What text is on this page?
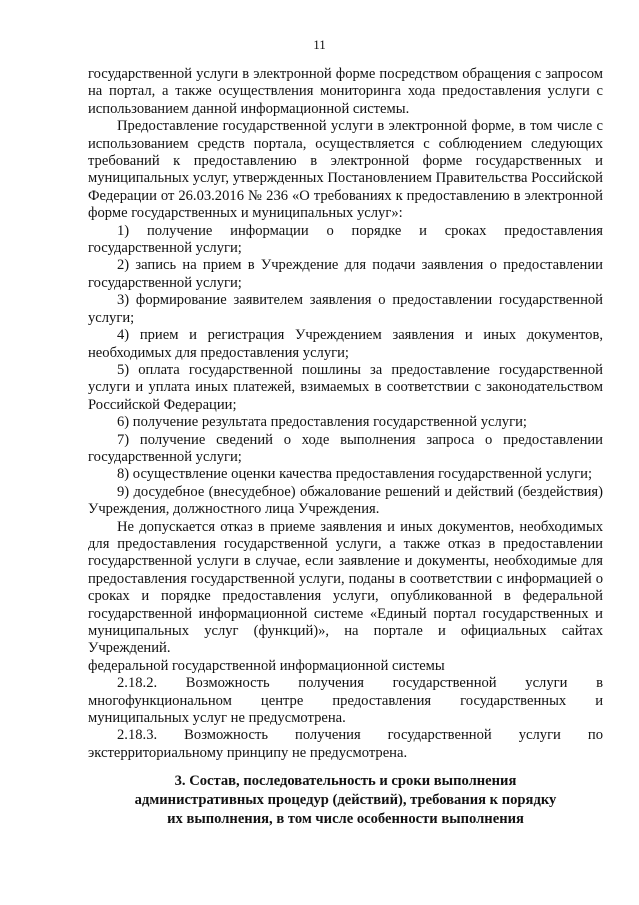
11

государственной услуги в электронной форме посредством обращения с запросом на портал, а также осуществления мониторинга хода предоставления услуги с использованием данной информационной системы.

Предоставление государственной услуги в электронной форме, в том числе с использованием средств портала, осуществляется с соблюдением следующих требований к предоставлению в электронной форме государственных и муниципальных услуг, утвержденных Постановлением Правительства Российской Федерации от 26.03.2016 № 236 «О требованиях к предоставлению в электронной форме государственных и муниципальных услуг»:

1) получение информации о порядке и сроках предоставления государственной услуги;

2) запись на прием в Учреждение для подачи заявления о предоставлении государственной услуги;

3) формирование заявителем заявления о предоставлении государственной услуги;

4) прием и регистрация Учреждением заявления и иных документов, необходимых для предоставления услуги;

5) оплата государственной пошлины за предоставление государственной услуги и уплата иных платежей, взимаемых в соответствии с законодательством Российской Федерации;

6) получение результата предоставления государственной услуги;

7) получение сведений о ходе выполнения запроса о предоставлении государственной услуги;

8) осуществление оценки качества предоставления государственной услуги;

9) досудебное (внесудебное) обжалование решений и действий (бездействия) Учреждения, должностного лица Учреждения.

Не допускается отказ в приеме заявления и иных документов, необходимых для предоставления государственной услуги, а также отказ в предоставлении государственной услуги в случае, если заявление и документы, необходимые для предоставления государственной услуги, поданы в соответствии с информацией о сроках и порядке предоставления услуги, опубликованной в федеральной государственной информационной системе «Единый портал государственных и муниципальных услуг (функций)», на портале и официальных сайтах Учреждений.

федеральной государственной информационной системы

2.18.2. Возможность получения государственной услуги в многофункциональном центре предоставления государственных и муниципальных услуг не предусмотрена.

2.18.3. Возможность получения государственной услуги по экстерриториальному принципу не предусмотрена.

3. Состав, последовательность и сроки выполнения
административных процедур (действий), требования к порядку
их выполнения, в том числе особенности выполнения
